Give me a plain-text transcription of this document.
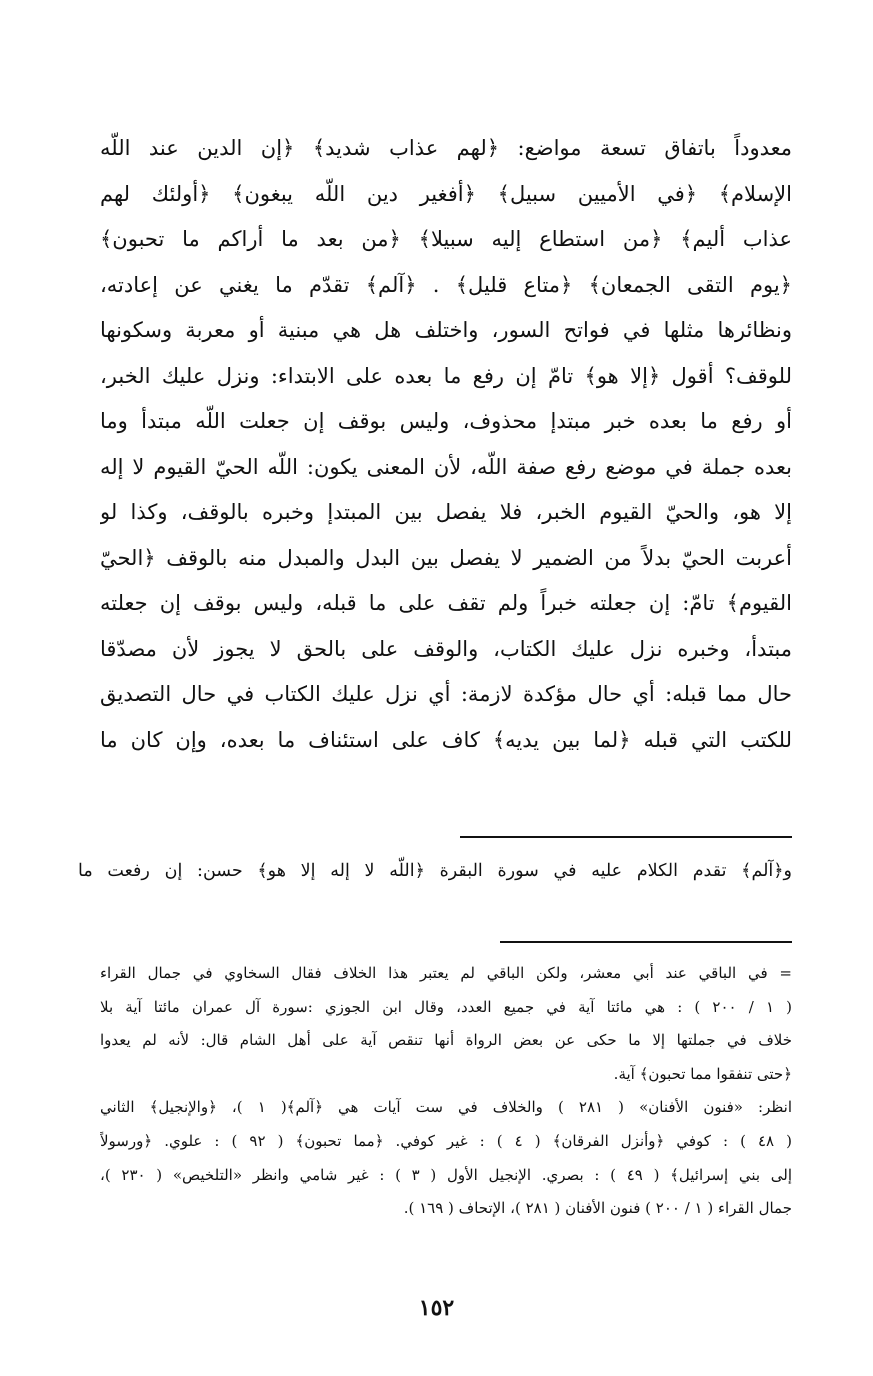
معدوداً باتفاق تسعة مواضع: ﴿لهم عذاب شديد﴾ ﴿إن الدين عند اللّه
الإسلام﴾ ﴿في الأميين سبيل﴾ ﴿أفغير دين اللّه يبغون﴾ ﴿أولئك لهم
عذاب أليم﴾ ﴿من استطاع إليه سبيلا﴾ ﴿من بعد ما أراكم ما تحبون﴾
﴿يوم التقى الجمعان﴾ ﴿متاع قليل﴾ . ﴿آلم﴾ تقدّم ما يغني عن إعادته،
ونظائرها مثلها في فواتح السور، واختلف هل هي مبنية أو معربة وسكونها
للوقف؟ أقول ﴿إلا هو﴾ تامّ إن رفع ما بعده على الابتداء: ونزل عليك الخبر،
أو رفع ما بعده خبر مبتدإ محذوف، وليس بوقف إن جعلت اللّه مبتدأ وما
بعده جملة في موضع رفع صفة اللّه، لأن المعنى يكون: اللّه الحيّ القيوم لا إله
إلا هو، والحيّ القيوم الخبر، فلا يفصل بين المبتدإ وخبره بالوقف، وكذا لو
أعربت الحيّ بدلاً من الضمير لا يفصل بين البدل والمبدل منه بالوقف ﴿الحيّ
القيوم﴾ تامّ: إن جعلته خبراً ولم تقف على ما قبله، وليس بوقف إن جعلته
مبتدأ، وخبره نزل عليك الكتاب، والوقف على بالحق لا يجوز لأن مصدّقا
حال مما قبله: أي حال مؤكدة لازمة: أي نزل عليك الكتاب في حال التصديق
للكتب التي قبله ﴿لما بين يديه﴾ كاف على استئناف ما بعده، وإن كان ما
و﴿آلم﴾ تقدم الكلام عليه في سورة البقرة ﴿اللّه لا إله إلا هو﴾ حسن: إن رفعت ما
= في الباقي عند أبي معشر، ولكن الباقي لم يعتبر هذا الخلاف فقال السخاوي في جمال القراء
( ١ / ٢٠٠ ) : هي مائتا آية في جميع العدد، وقال ابن الجوزي :سورة آل عمران مائتا آية بلا
خلاف في جملتها إلا ما حكى عن بعض الرواة أنها تنقص آية على أهل الشام قال: لأنه لم يعدوا
﴿حتى تنفقوا مما تحبون﴾ آية.
انظر: «فنون الأفنان» ( ٢٨١ ) والخلاف في ست آيات هي ﴿آلم﴾( ١ )، ﴿والإنجيل﴾ الثاني
( ٤٨ ) : كوفي ﴿وأنزل الفرقان﴾ ( ٤ ) : غير كوفي. ﴿مما تحبون﴾ ( ٩٢ ) : علوي. ﴿ورسولاً
إلى بني إسرائيل﴾ ( ٤٩ ) : بصري. الإنجيل الأول ( ٣ ) : غير شامي وانظر «التلخيص» ( ٢٣٠ )،
جمال القراء ( ١ / ٢٠٠ ) فنون الأفنان ( ٢٨١ )، الإتحاف ( ١٦٩ ).
١٥٢
